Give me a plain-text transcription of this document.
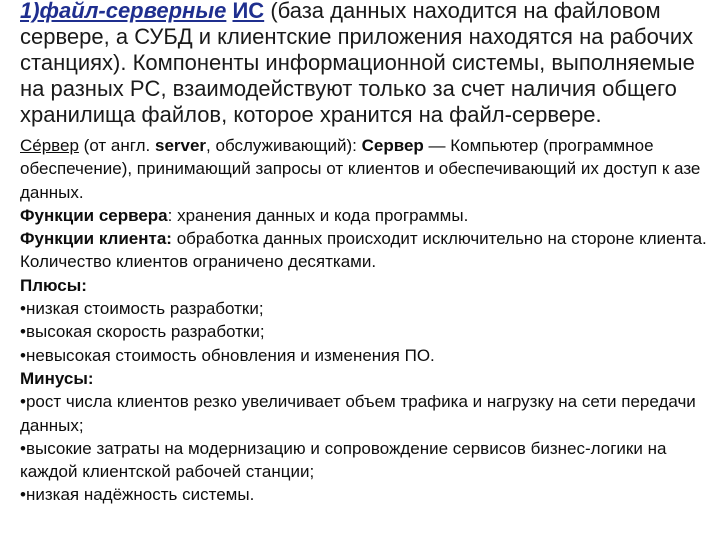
1)файл-серверные ИС (база данных находится на файловом сервере, а СУБД и клиентские приложения находятся на рабочих станциях). Компоненты информационной системы, выполняемые на разных PC, взаимодействуют только за счет наличия общего хранилища файлов, которое хранится на файл-сервере.

Се́рвер (от англ. server, обслуживающий): Сервер — Компьютер (программное обеспечение), принимающий запросы от клиентов и обеспечивающий их доступ к азе данных.

Функции сервера: хранения данных и кода программы.

Функции клиента: обработка данных происходит исключительно на стороне клиента. Количество клиентов ограничено десятками.

Плюсы:

•низкая стоимость разработки;

•высокая скорость разработки;

•невысокая стоимость обновления и изменения ПО.

Минусы:

•рост числа клиентов резко увеличивает объем трафика и нагрузку на сети передачи данных;

•высокие затраты на модернизацию и сопровождение сервисов бизнес-логики на каждой клиентской рабочей станции;

•низкая надёжность системы.
